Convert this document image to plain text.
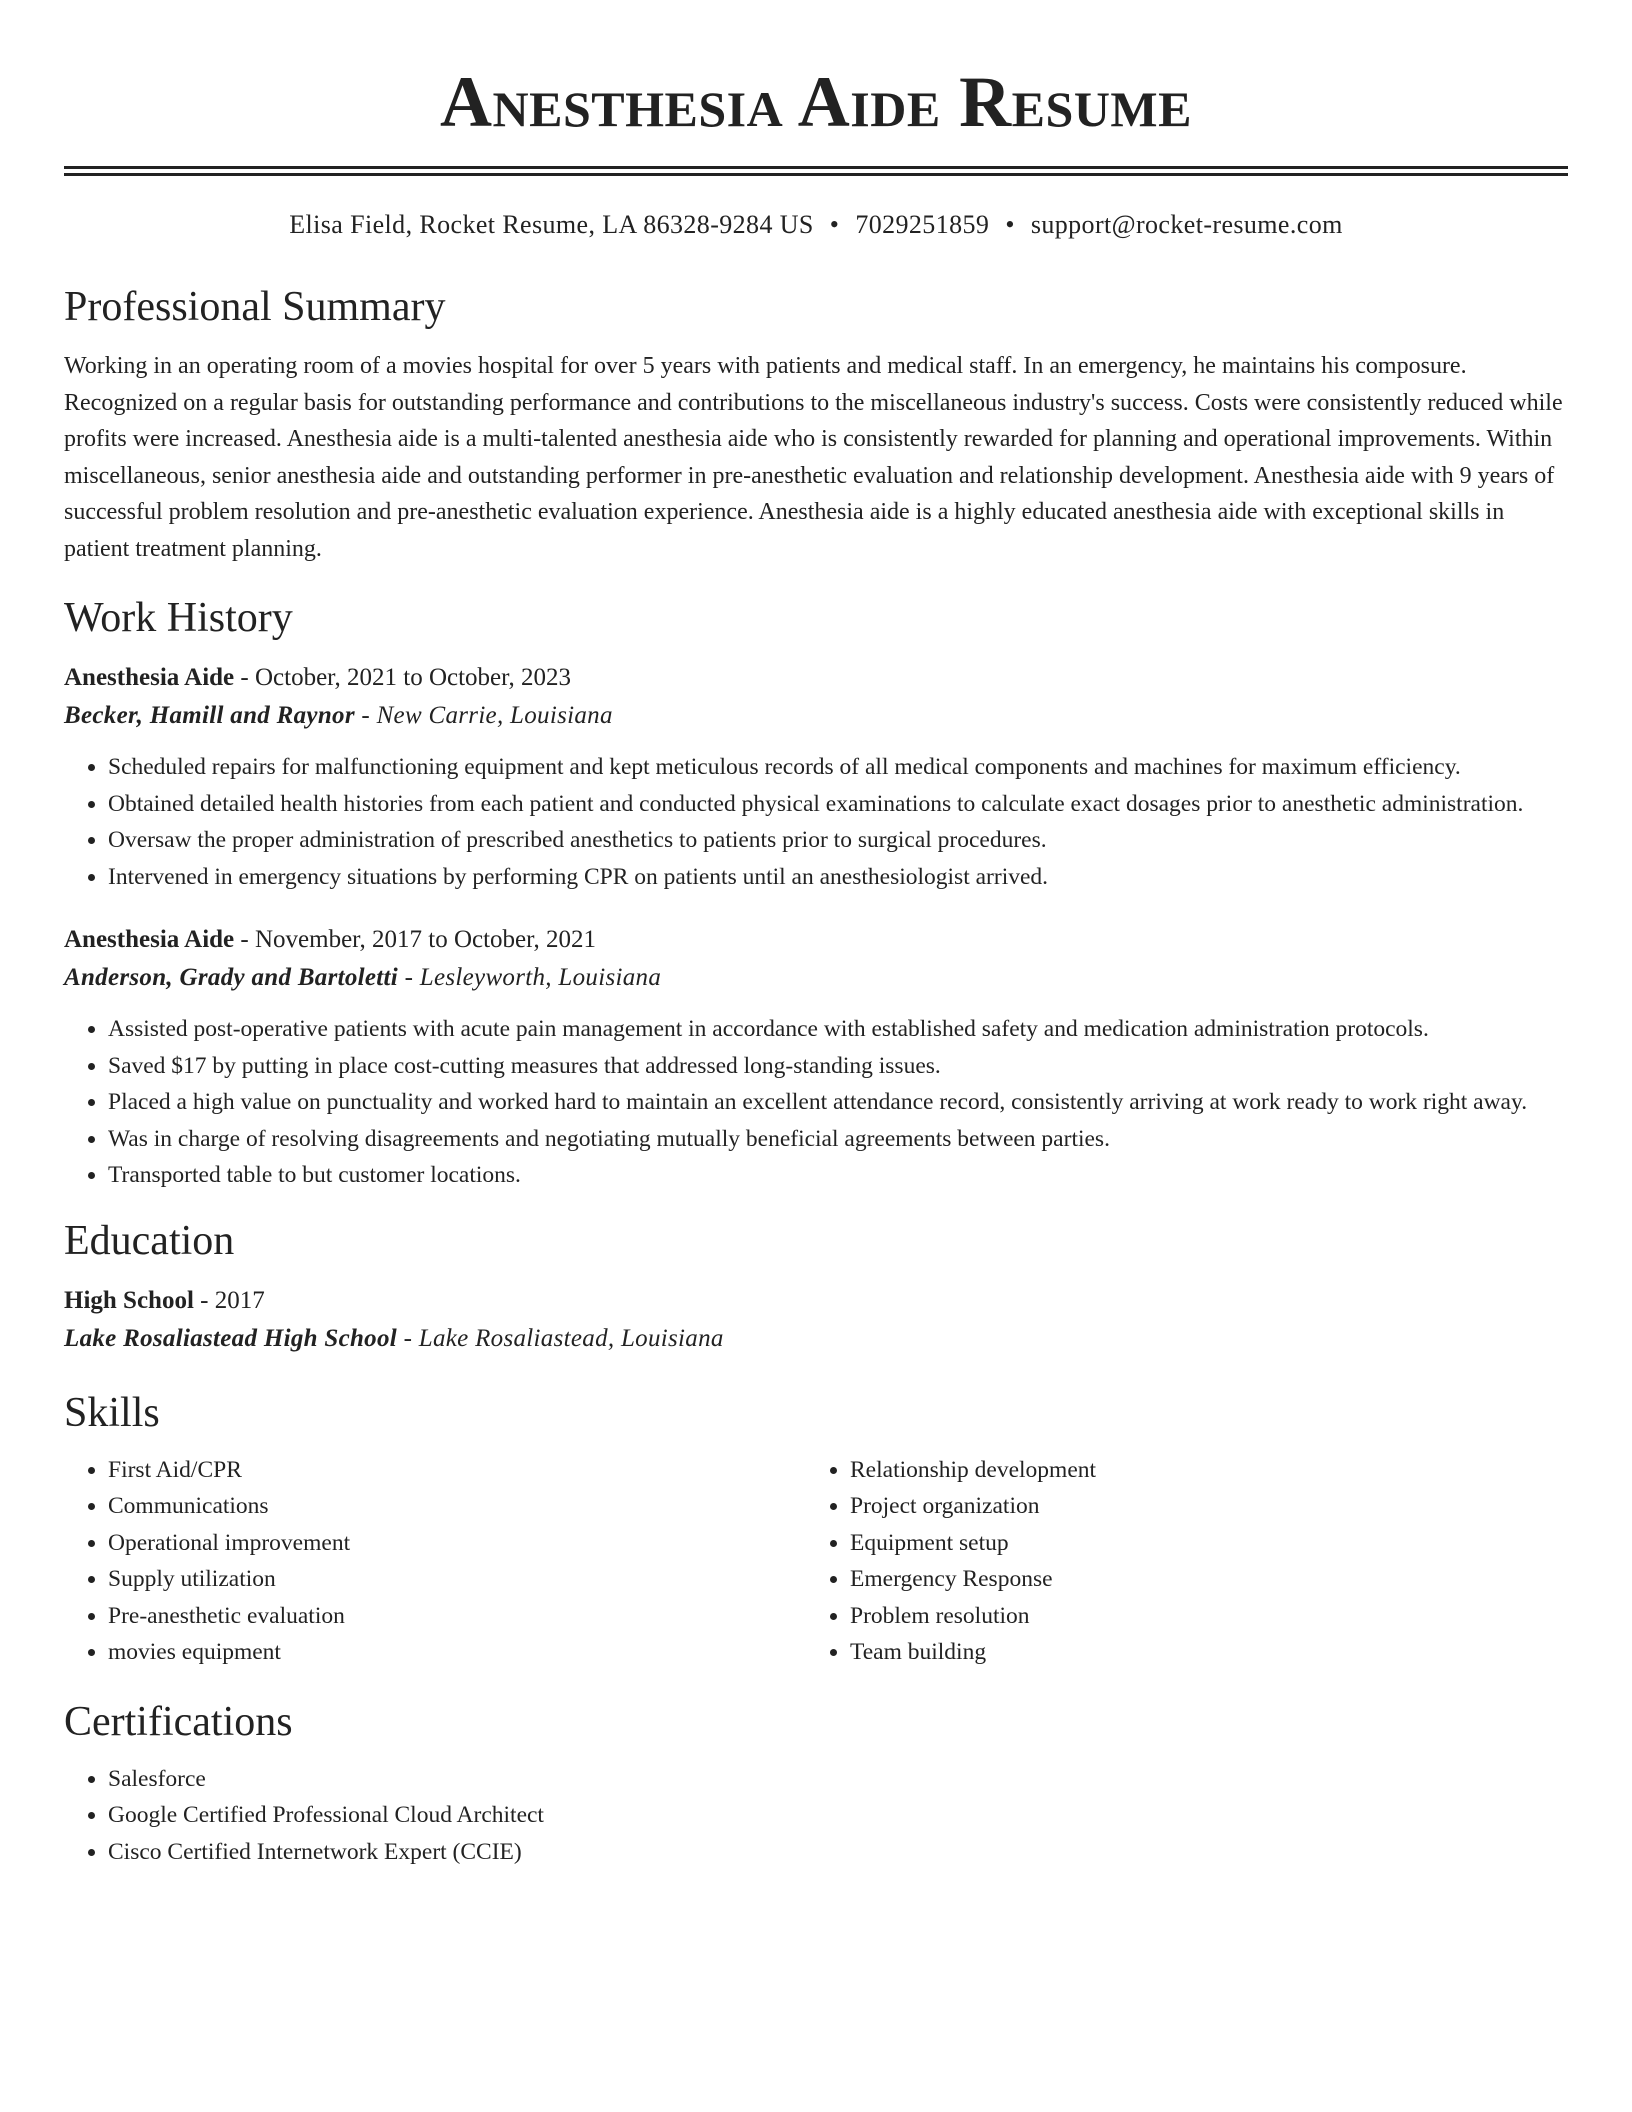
Anesthesia Aide Resume
Elisa Field, Rocket Resume, LA 86328-9284 US • 7029251859 • support@rocket-resume.com
Professional Summary

Working in an operating room of a movies hospital for over 5 years with patients and medical staff. In an emergency, he maintains his composure. Recognized on a regular basis for outstanding performance and contributions to the miscellaneous industry's success. Costs were consistently reduced while profits were increased. Anesthesia aide is a multi-talented anesthesia aide who is consistently rewarded for planning and operational improvements. Within miscellaneous, senior anesthesia aide and outstanding performer in pre-anesthetic evaluation and relationship development. Anesthesia aide with 9 years of successful problem resolution and pre-anesthetic evaluation experience. Anesthesia aide is a highly educated anesthesia aide with exceptional skills in patient treatment planning.

Work History
Anesthesia Aide - October, 2021 to October, 2023
Becker, Hamill and Raynor - New Carrie, Louisiana
• Scheduled repairs for malfunctioning equipment and kept meticulous records of all medical components and machines for maximum efficiency.
• Obtained detailed health histories from each patient and conducted physical examinations to calculate exact dosages prior to anesthetic administration.
• Oversaw the proper administration of prescribed anesthetics to patients prior to surgical procedures.
• Intervened in emergency situations by performing CPR on patients until an anesthesiologist arrived.
Anesthesia Aide - November, 2017 to October, 2021
Anderson, Grady and Bartoletti - Lesleyworth, Louisiana
• Assisted post-operative patients with acute pain management in accordance with established safety and medication administration protocols.
• Saved $17 by putting in place cost-cutting measures that addressed long-standing issues.
• Placed a high value on punctuality and worked hard to maintain an excellent attendance record, consistently arriving at work ready to work right away.
• Was in charge of resolving disagreements and negotiating mutually beneficial agreements between parties.
• Transported table to but customer locations.
Education
High School - 2017
Lake Rosaliastead High School - Lake Rosaliastead, Louisiana
Skills
• First Aid/CPR
• Communications
• Operational improvement
• Supply utilization
• Pre-anesthetic evaluation
• movies equipment
• Relationship development
• Project organization
• Equipment setup
• Emergency Response
• Problem resolution
• Team building
Certifications
• Salesforce
• Google Certified Professional Cloud Architect
• Cisco Certified Internetwork Expert (CCIE)
